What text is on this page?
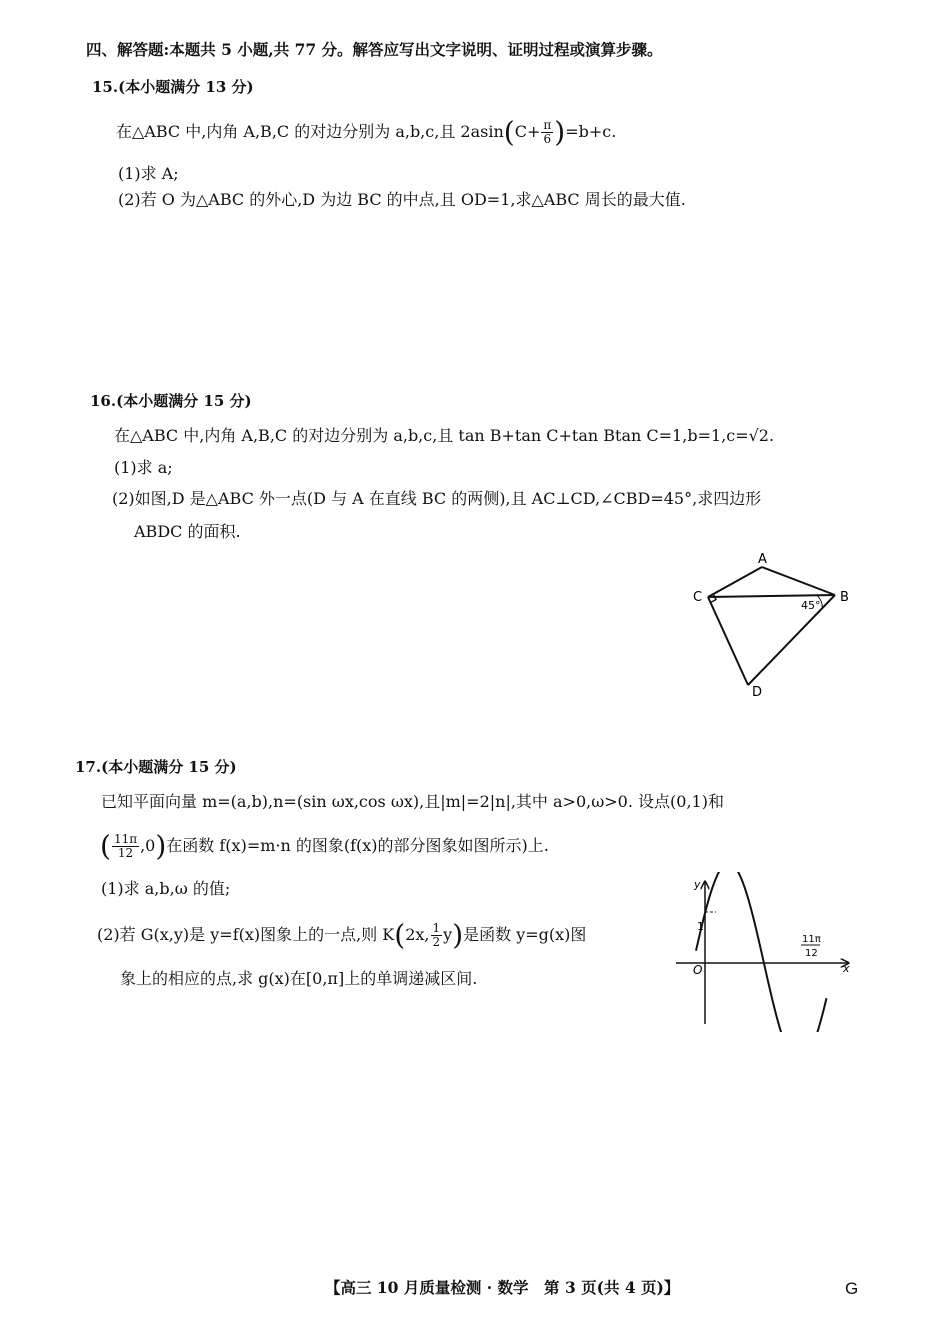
四、解答题:本题共 5 小题,共 77 分。解答应写出文字说明、证明过程或演算步骤。
15.(本小题满分 13 分)
在△ABC 中,内角 A,B,C 的对边分别为 a,b,c,且 $2asin(C+ \frac{\pi}{6} )=b+c$.
(1)求 A;
(2)若 O 为△ABC 的外心,D 为边 BC 的中点,且 OD=1,求△ABC 周长的最大值.
16.(本小题满分 15 分)
在△ABC 中,内角 A,B,C 的对边分别为 a,b,c,且 tan B+tan C+tan Btan C=1,b=1,c=√2.
(1)求 a;
(2)如图,D 是△ABC 外一点(D 与 A 在直线 BC 的两侧),且 AC⊥CD,∠CBD=45°,求四边形
ABDC 的面积.
A
C	B
D
45°
17.(本小题满分 15 分)
已知平面向量 m=(a,b),n=(sin ωx,cos ωx),且|m|=2|n|,其中 a>0,ω>0. 设点(0,1)和
( $\frac{11\pi}{12} ,0$)在函数 f(x)=m·n 的图象(f(x)的部分图象如图所示)上.
(1)求 a,b,ω 的值;
(2)若 G(x,y)是 y=f(x)图象上的一点,则 K(2x, $\frac{1}{2} y$)是函数 y=g(x)图
象上的相应的点,求 g(x)在[0,π]上的单调递减区间.
y
x
O
1
11π
12
【高三 10 月质量检测 · 数学　第 3 页(共 4 页)】	G
